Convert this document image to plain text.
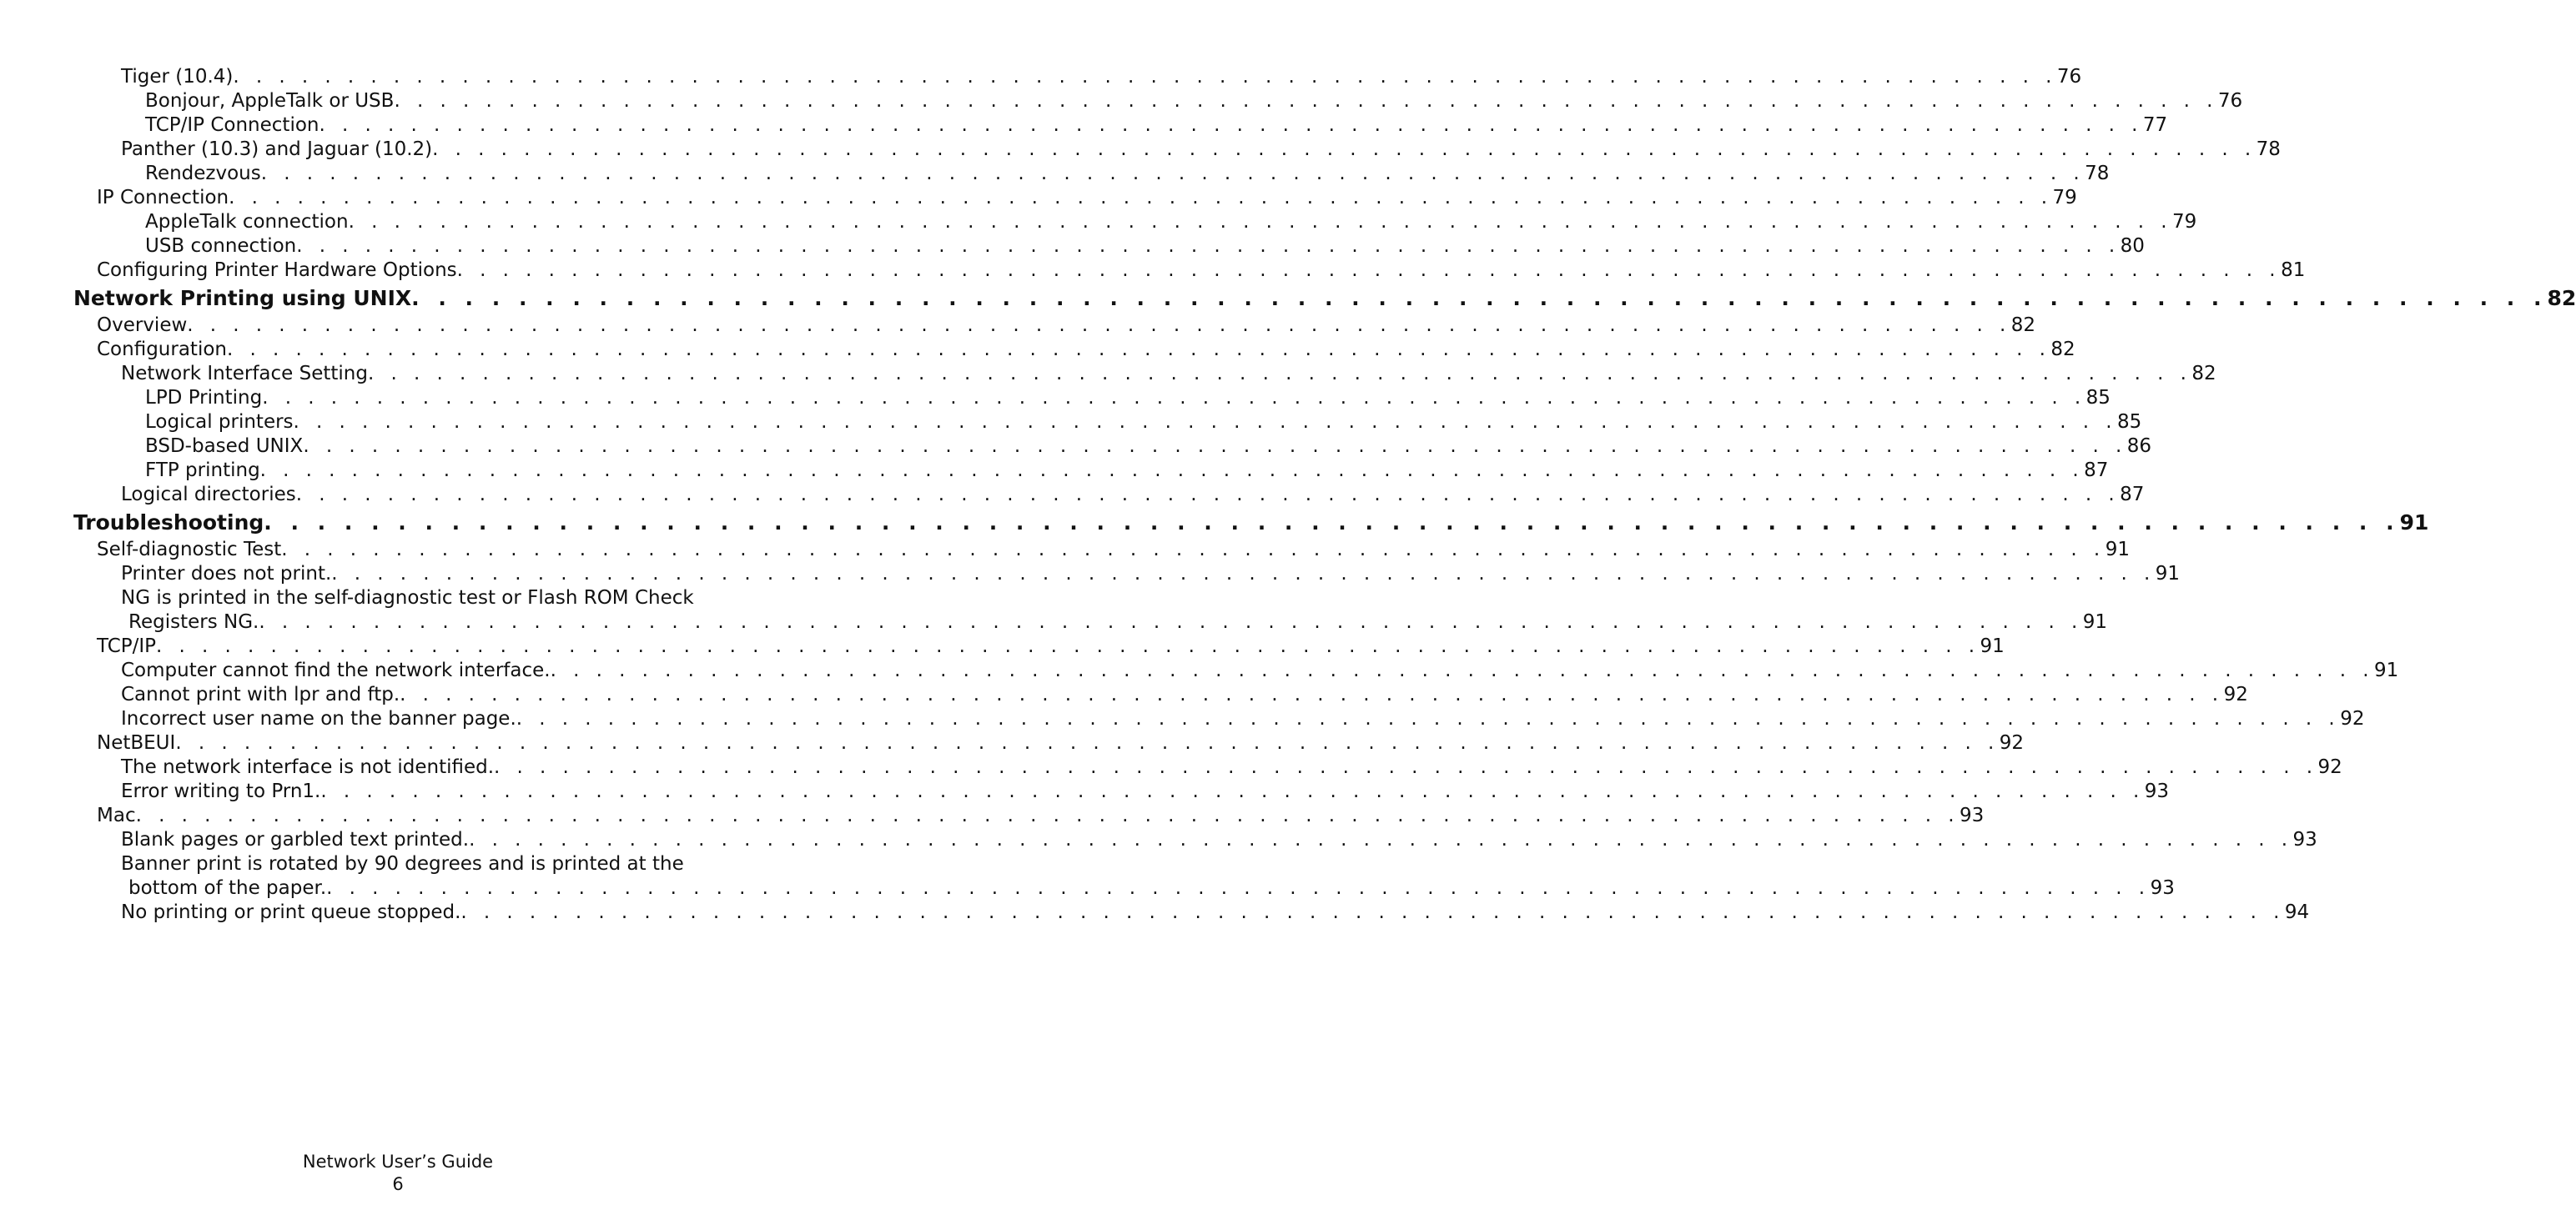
Tiger (10.4) . . . . . . . . . . . . . . . . . . . . . . . . . . . . . . . . . . . . . . . . . . . . . . . . . . . . . . . . . . . . . . . . . . . . . . . . . . . . . . . . 76
Bonjour, AppleTalk or USB . . . . . . . . . . . . . . . . . . . . . . . . . . . . . . . . . . . . . . . . . . . . . . . . . . . . . . . . . . . . . . . . . . . . . . . . . . . . . . . . 76
TCP/IP Connection . . . . . . . . . . . . . . . . . . . . . . . . . . . . . . . . . . . . . . . . . . . . . . . . . . . . . . . . . . . . . . . . . . . . . . . . . . . . . . . . 77
Panther (10.3) and Jaguar (10.2) . . . . . . . . . . . . . . . . . . . . . . . . . . . . . . . . . . . . . . . . . . . . . . . . . . . . . . . . . . . . . . . . . . . . . . . . . . . . . . . . 78
Rendezvous . . . . . . . . . . . . . . . . . . . . . . . . . . . . . . . . . . . . . . . . . . . . . . . . . . . . . . . . . . . . . . . . . . . . . . . . . . . . . . . . 78
IP Connection . . . . . . . . . . . . . . . . . . . . . . . . . . . . . . . . . . . . . . . . . . . . . . . . . . . . . . . . . . . . . . . . . . . . . . . . . . . . . . . . 79
AppleTalk connection . . . . . . . . . . . . . . . . . . . . . . . . . . . . . . . . . . . . . . . . . . . . . . . . . . . . . . . . . . . . . . . . . . . . . . . . . . . . . . . . 79
USB connection . . . . . . . . . . . . . . . . . . . . . . . . . . . . . . . . . . . . . . . . . . . . . . . . . . . . . . . . . . . . . . . . . . . . . . . . . . . . . . . . 80
Configuring Printer Hardware Options . . . . . . . . . . . . . . . . . . . . . . . . . . . . . . . . . . . . . . . . . . . . . . . . . . . . . . . . . . . . . . . . . . . . . . . . . . . . . . . . 81
Network Printing using UNIX . . . . . . . . . . . . . . . . . . . . . . . . . . . . . . . . . . . . . . . . . . . . . . . . . . . . . . . . . . . . . . . . . . . . . . . . . . . . . . . . 82
Overview . . . . . . . . . . . . . . . . . . . . . . . . . . . . . . . . . . . . . . . . . . . . . . . . . . . . . . . . . . . . . . . . . . . . . . . . . . . . . . . . 82
Configuration . . . . . . . . . . . . . . . . . . . . . . . . . . . . . . . . . . . . . . . . . . . . . . . . . . . . . . . . . . . . . . . . . . . . . . . . . . . . . . . . 82
Network Interface Setting . . . . . . . . . . . . . . . . . . . . . . . . . . . . . . . . . . . . . . . . . . . . . . . . . . . . . . . . . . . . . . . . . . . . . . . . . . . . . . . . 82
LPD Printing . . . . . . . . . . . . . . . . . . . . . . . . . . . . . . . . . . . . . . . . . . . . . . . . . . . . . . . . . . . . . . . . . . . . . . . . . . . . . . . . 85
Logical printers . . . . . . . . . . . . . . . . . . . . . . . . . . . . . . . . . . . . . . . . . . . . . . . . . . . . . . . . . . . . . . . . . . . . . . . . . . . . . . . . 85
BSD-based UNIX . . . . . . . . . . . . . . . . . . . . . . . . . . . . . . . . . . . . . . . . . . . . . . . . . . . . . . . . . . . . . . . . . . . . . . . . . . . . . . . . 86
FTP printing . . . . . . . . . . . . . . . . . . . . . . . . . . . . . . . . . . . . . . . . . . . . . . . . . . . . . . . . . . . . . . . . . . . . . . . . . . . . . . . . 87
Logical directories . . . . . . . . . . . . . . . . . . . . . . . . . . . . . . . . . . . . . . . . . . . . . . . . . . . . . . . . . . . . . . . . . . . . . . . . . . . . . . . . 87
Troubleshooting . . . . . . . . . . . . . . . . . . . . . . . . . . . . . . . . . . . . . . . . . . . . . . . . . . . . . . . . . . . . . . . . . . . . . . . . . . . . . . . . 91
Self-diagnostic Test . . . . . . . . . . . . . . . . . . . . . . . . . . . . . . . . . . . . . . . . . . . . . . . . . . . . . . . . . . . . . . . . . . . . . . . . . . . . . . . . 91
Printer does not print. . . . . . . . . . . . . . . . . . . . . . . . . . . . . . . . . . . . . . . . . . . . . . . . . . . . . . . . . . . . . . . . . . . . . . . . . . . . . . . . . 91
NG is printed in the self-diagnostic test or Flash ROM Check
Registers NG. . . . . . . . . . . . . . . . . . . . . . . . . . . . . . . . . . . . . . . . . . . . . . . . . . . . . . . . . . . . . . . . . . . . . . . . . . . . . . . . . 91
TCP/IP . . . . . . . . . . . . . . . . . . . . . . . . . . . . . . . . . . . . . . . . . . . . . . . . . . . . . . . . . . . . . . . . . . . . . . . . . . . . . . . . 91
Computer cannot find the network interface. . . . . . . . . . . . . . . . . . . . . . . . . . . . . . . . . . . . . . . . . . . . . . . . . . . . . . . . . . . . . . . . . . . . . . . . . . . . . . . . . 91
Cannot print with lpr and ftp. . . . . . . . . . . . . . . . . . . . . . . . . . . . . . . . . . . . . . . . . . . . . . . . . . . . . . . . . . . . . . . . . . . . . . . . . . . . . . . . . 92
Incorrect user name on the banner page. . . . . . . . . . . . . . . . . . . . . . . . . . . . . . . . . . . . . . . . . . . . . . . . . . . . . . . . . . . . . . . . . . . . . . . . . . . . . . . . . 92
NetBEUI . . . . . . . . . . . . . . . . . . . . . . . . . . . . . . . . . . . . . . . . . . . . . . . . . . . . . . . . . . . . . . . . . . . . . . . . . . . . . . . . 92
The network interface is not identified. . . . . . . . . . . . . . . . . . . . . . . . . . . . . . . . . . . . . . . . . . . . . . . . . . . . . . . . . . . . . . . . . . . . . . . . . . . . . . . . . 92
Error writing to Prn1. . . . . . . . . . . . . . . . . . . . . . . . . . . . . . . . . . . . . . . . . . . . . . . . . . . . . . . . . . . . . . . . . . . . . . . . . . . . . . . . . 93
Mac . . . . . . . . . . . . . . . . . . . . . . . . . . . . . . . . . . . . . . . . . . . . . . . . . . . . . . . . . . . . . . . . . . . . . . . . . . . . . . . . 93
Blank pages or garbled text printed. . . . . . . . . . . . . . . . . . . . . . . . . . . . . . . . . . . . . . . . . . . . . . . . . . . . . . . . . . . . . . . . . . . . . . . . . . . . . . . . . 93
Banner print is rotated by 90 degrees and is printed at the
bottom of the paper. . . . . . . . . . . . . . . . . . . . . . . . . . . . . . . . . . . . . . . . . . . . . . . . . . . . . . . . . . . . . . . . . . . . . . . . . . . . . . . . . 93
No printing or print queue stopped. . . . . . . . . . . . . . . . . . . . . . . . . . . . . . . . . . . . . . . . . . . . . . . . . . . . . . . . . . . . . . . . . . . . . . . . . . . . . . . . . 94
Network User’s Guide
6
